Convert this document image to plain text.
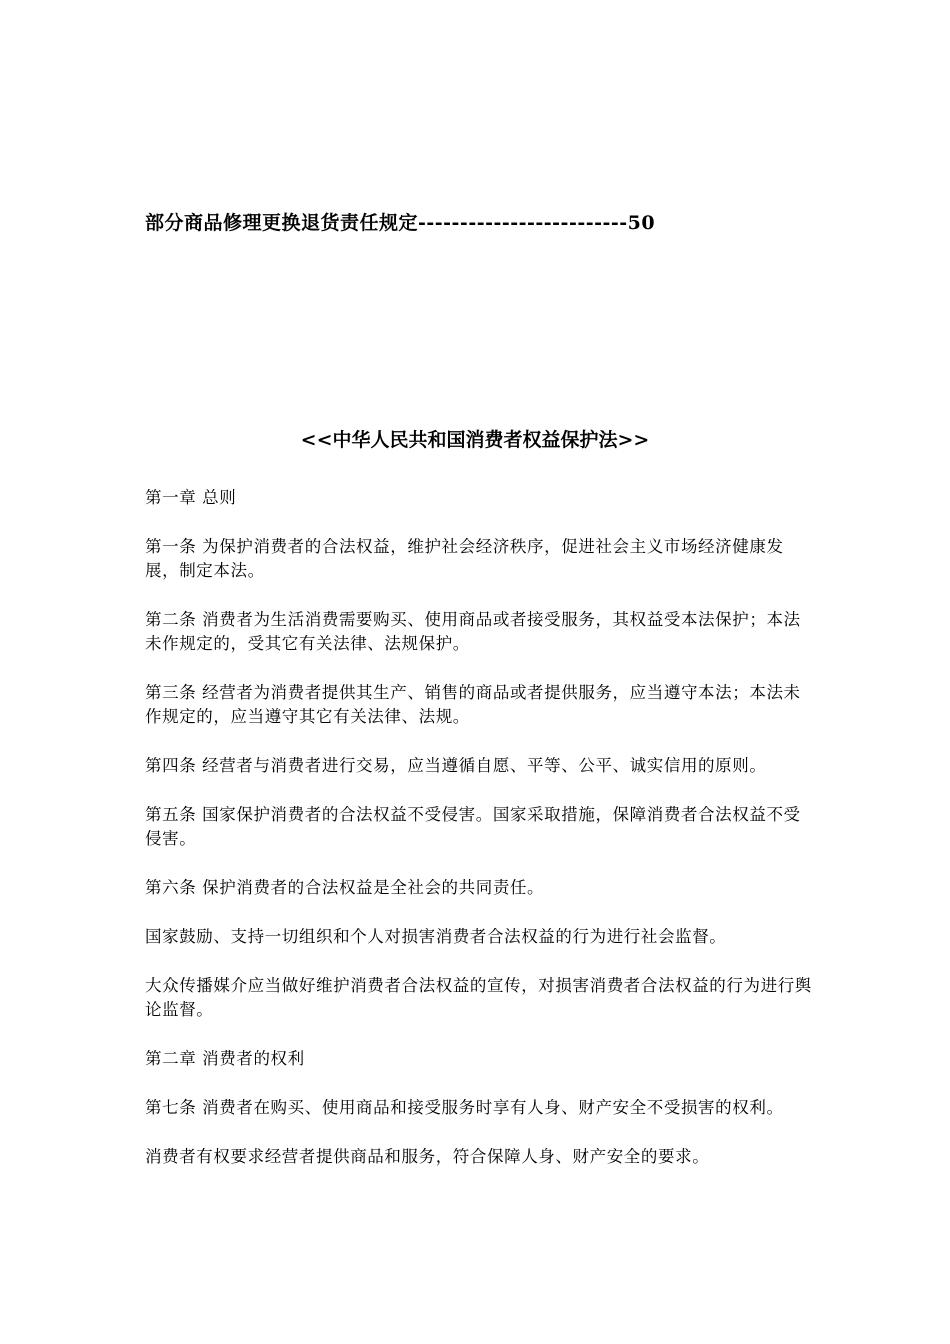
部分商品修理更换退货责任规定-------------------------50
<<中华人民共和国消费者权益保护法>>

第一章 总则

第一条 为保护消费者的合法权益，维护社会经济秩序，促进社会主义市场经济健康发展，制定本法。

第二条 消费者为生活消费需要购买、使用商品或者接受服务，其权益受本法保护；本法未作规定的，受其它有关法律、法规保护。

第三条 经营者为消费者提供其生产、销售的商品或者提供服务，应当遵守本法；本法未作规定的，应当遵守其它有关法律、法规。

第四条 经营者与消费者进行交易，应当遵循自愿、平等、公平、诚实信用的原则。

第五条 国家保护消费者的合法权益不受侵害。国家采取措施，保障消费者合法权益不受侵害。

第六条 保护消费者的合法权益是全社会的共同责任。

国家鼓励、支持一切组织和个人对损害消费者合法权益的行为进行社会监督。

大众传播媒介应当做好维护消费者合法权益的宣传，对损害消费者合法权益的行为进行舆论监督。

第二章 消费者的权利

第七条 消费者在购买、使用商品和接受服务时享有人身、财产安全不受损害的权利。

消费者有权要求经营者提供商品和服务，符合保障人身、财产安全的要求。
